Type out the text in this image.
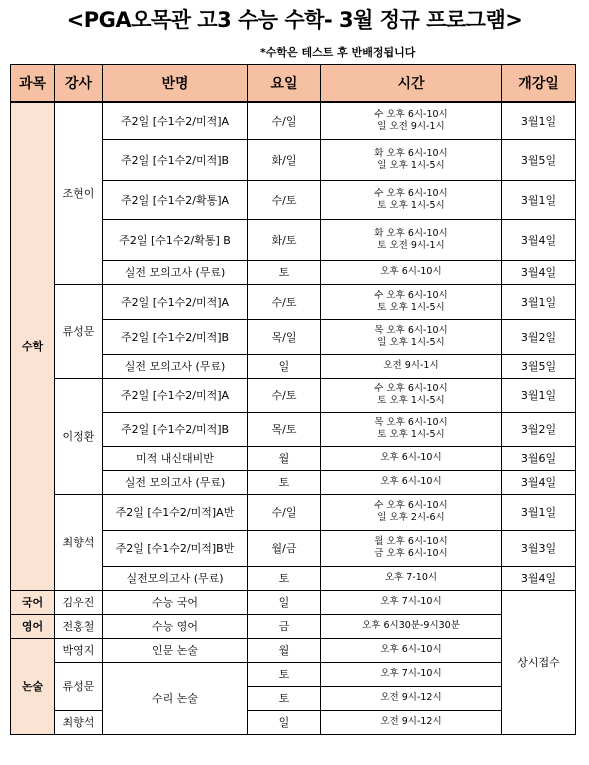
<PGA오목관 고3 수능 수학- 3월 정규 프로그램>
*수학은 테스트 후 반배정됩니다
과목	강사	반명	요일	시간	개강일
수학	조현이	주2일 [수1수2/미적]A	수/일	수 오후 6시-10시
일 오전 9시-1시	3월1일
		주2일 [수1수2/미적]B	화/일	화 오후 6시-10시
일 오후 1시-5시	3월5일
		주2일 [수1수2/확통]A	수/토	수 오후 6시-10시
토 오후 1시-5시	3월1일
		주2일 [수1수2/확통] B	화/토	화 오후 6시-10시
토 오전 9시-1시	3월4일
		실전 모의고사 (무료)	토	오후 6시-10시	3월4일
	류성문	주2일 [수1수2/미적]A	수/토	수 오후 6시-10시
토 오후 1시-5시	3월1일
		주2일 [수1수2/미적]B	목/일	목 오후 6시-10시
일 오후 1시-5시	3월2일
		실전 모의고사 (무료)	일	오전 9시-1시	3월5일
	이정환	주2일 [수1수2/미적]A	수/토	수 오후 6시-10시
토 오후 1시-5시	3월1일
		주2일 [수1수2/미적]B	목/토	목 오후 6시-10시
토 오후 1시-5시	3월2일
		미적 내신대비반	월	오후 6시-10시	3월6일
		실전 모의고사 (무료)	토	오후 6시-10시	3월4일
	최향석	주2일 [수1수2/미적]A반	수/일	수 오후 6시-10시
일 오후 2시-6시	3월1일
		주2일 [수1수2/미적]B반	월/금	월 오후 6시-10시
금 오후 6시-10시	3월3일
		실전모의고사 (무료)	토	오후 7-10시	3월4일
국어	김우진	수능 국어	일	오후 7시-10시	상시접수
영어	전홍철	수능 영어	금	오후 6시30분-9시30분	

논술	박영지	인문 논술	월	오후 6시-10시	

	류성문	수리 논술	토	오후 7시-10시	

			토	오전 9시-12시	

	최향석		일	오전 9시-12시	
